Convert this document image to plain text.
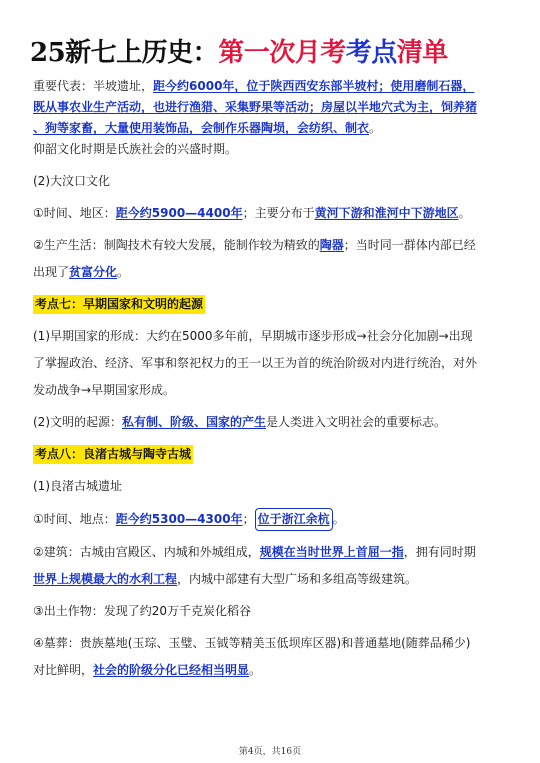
25新七上历史：第一次月考考点清单
重要代表：半坡遗址，距今约6000年，位于陕西西安东部半坡村；使用磨制石器，
既从事农业生产活动，也进行渔猎、采集野果等活动；房屋以半地穴式为主，饲养猪
、狗等家畜，大量使用装饰品，会制作乐器陶埙，会纺织、制衣。
仰韶文化时期是氏族社会的兴盛时期。
(2)大汶口文化
①时间、地区：距今约5900—4400年；主要分布于黄河下游和淮河中下游地区。
②生产生活：制陶技术有较大发展，能制作较为精致的陶器；当时同一群体内部已经
出现了贫富分化。
考点七：早期国家和文明的起源
(1)早期国家的形成：大约在5000多年前，早期城市逐步形成→社会分化加剧→出现
了掌握政治、经济、军事和祭祀权力的王一以王为首的统治阶级对内进行统治，对外
发动战争→早期国家形成。
(2)文明的起源：私有制、阶级、国家的产生是人类进入文明社会的重要标志。
考点八：良渚古城与陶寺古城
(1)良渚古城遗址
①时间、地点：距今约5300—4300年； 位于浙江余杭 。
②建筑：古城由宫殿区、内城和外城组成，规模在当时世界上首屈一指，拥有同时期
世界上规模最大的水利工程，内城中部建有大型广场和多组高等级建筑。
③出土作物：发现了约20万千克炭化稻谷
④墓葬：贵族墓地(玉琮、玉璧、玉钺等精美玉低坝库区器)和普通墓地(随葬品稀少)
对比鲜明，社会的阶级分化已经相当明显。
第4页，共16页
